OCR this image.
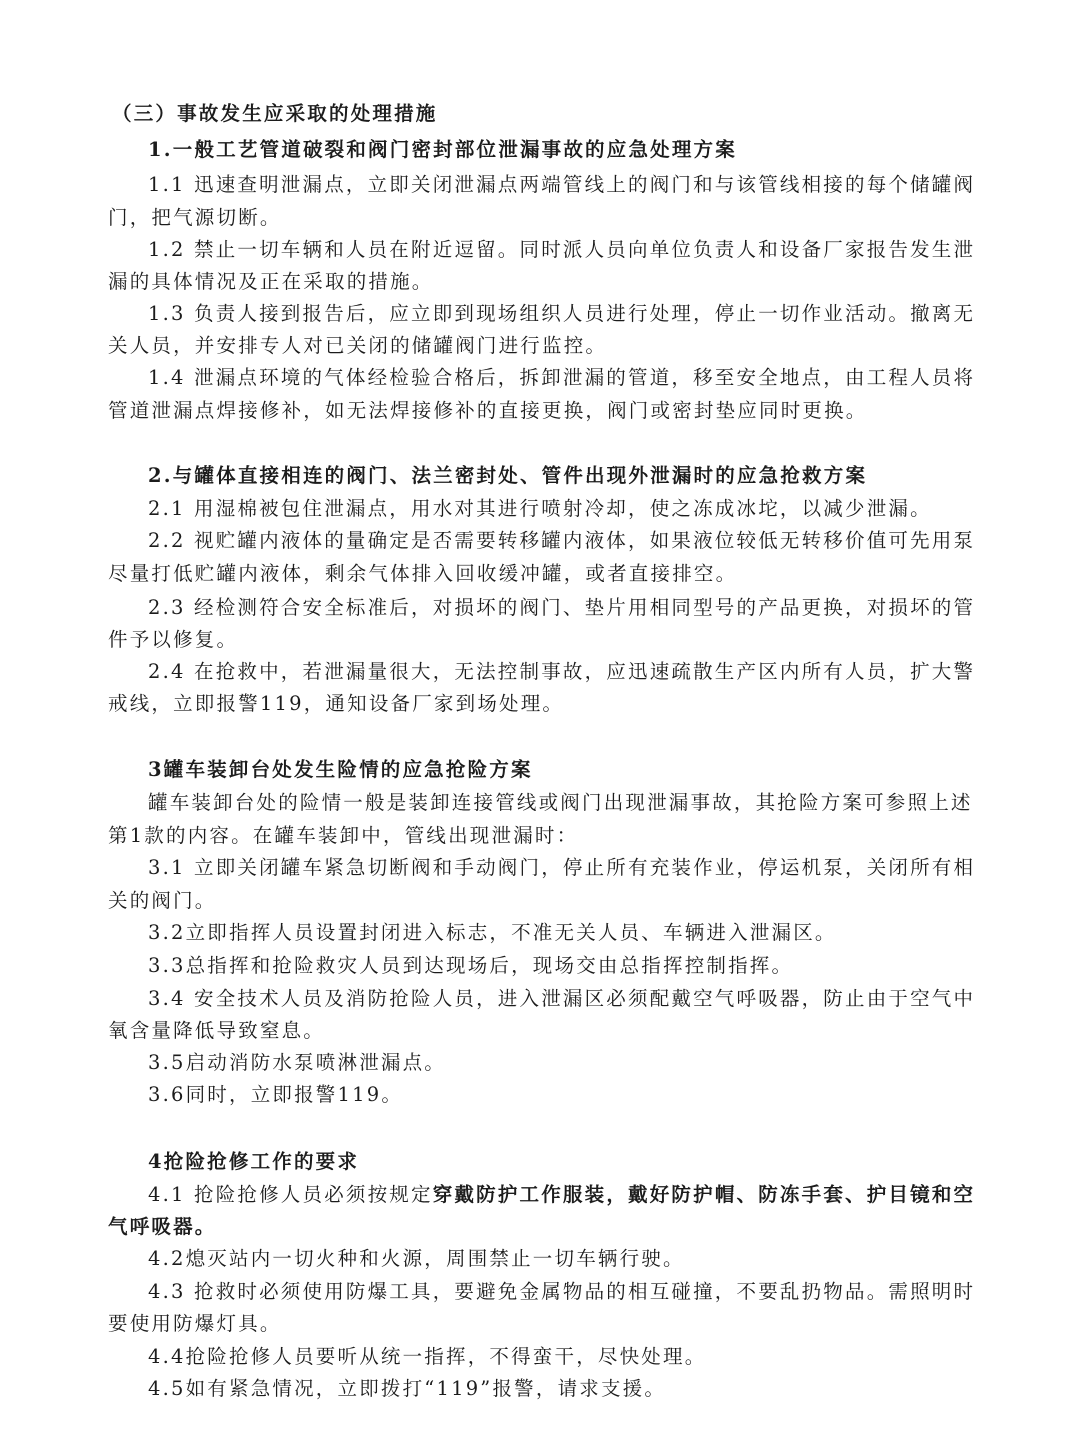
（三）事故发生应采取的处理措施
1.一般工艺管道破裂和阀门密封部位泄漏事故的应急处理方案
1.1 迅速查明泄漏点，立即关闭泄漏点两端管线上的阀门和与该管线相接的每个储罐阀
门，把气源切断。
1.2 禁止一切车辆和人员在附近逗留。同时派人员向单位负责人和设备厂家报告发生泄
漏的具体情况及正在采取的措施。
1.3 负责人接到报告后，应立即到现场组织人员进行处理，停止一切作业活动。撤离无
关人员，并安排专人对已关闭的储罐阀门进行监控。
1.4 泄漏点环境的气体经检验合格后，拆卸泄漏的管道，移至安全地点，由工程人员将
管道泄漏点焊接修补，如无法焊接修补的直接更换，阀门或密封垫应同时更换。
2.与罐体直接相连的阀门、法兰密封处、管件出现外泄漏时的应急抢救方案
2.1 用湿棉被包住泄漏点，用水对其进行喷射冷却，使之冻成冰坨，以减少泄漏。
2.2 视贮罐内液体的量确定是否需要转移罐内液体，如果液位较低无转移价值可先用泵
尽量打低贮罐内液体，剩余气体排入回收缓冲罐，或者直接排空。
2.3 经检测符合安全标准后，对损坏的阀门、垫片用相同型号的产品更换，对损坏的管
件予以修复。
2.4 在抢救中，若泄漏量很大，无法控制事故，应迅速疏散生产区内所有人员，扩大警
戒线，立即报警119，通知设备厂家到场处理。
3罐车装卸台处发生险情的应急抢险方案
罐车装卸台处的险情一般是装卸连接管线或阀门出现泄漏事故，其抢险方案可参照上述
第1款的内容。在罐车装卸中，管线出现泄漏时：
3.1 立即关闭罐车紧急切断阀和手动阀门，停止所有充装作业，停运机泵，关闭所有相
关的阀门。
3.2立即指挥人员设置封闭进入标志，不准无关人员、车辆进入泄漏区。
3.3总指挥和抢险救灾人员到达现场后，现场交由总指挥控制指挥。
3.4 安全技术人员及消防抢险人员，进入泄漏区必须配戴空气呼吸器，防止由于空气中
氧含量降低导致窒息。
3.5启动消防水泵喷淋泄漏点。
3.6同时，立即报警119。
4抢险抢修工作的要求
4.1 抢险抢修人员必须按规定穿戴防护工作服装，戴好防护帽、防冻手套、护目镜和空
气呼吸器。
4.2熄灭站内一切火种和火源，周围禁止一切车辆行驶。
4.3 抢救时必须使用防爆工具，要避免金属物品的相互碰撞，不要乱扔物品。需照明时
要使用防爆灯具。
4.4抢险抢修人员要听从统一指挥，不得蛮干，尽快处理。
4.5如有紧急情况，立即拨打“119”报警，请求支援。
